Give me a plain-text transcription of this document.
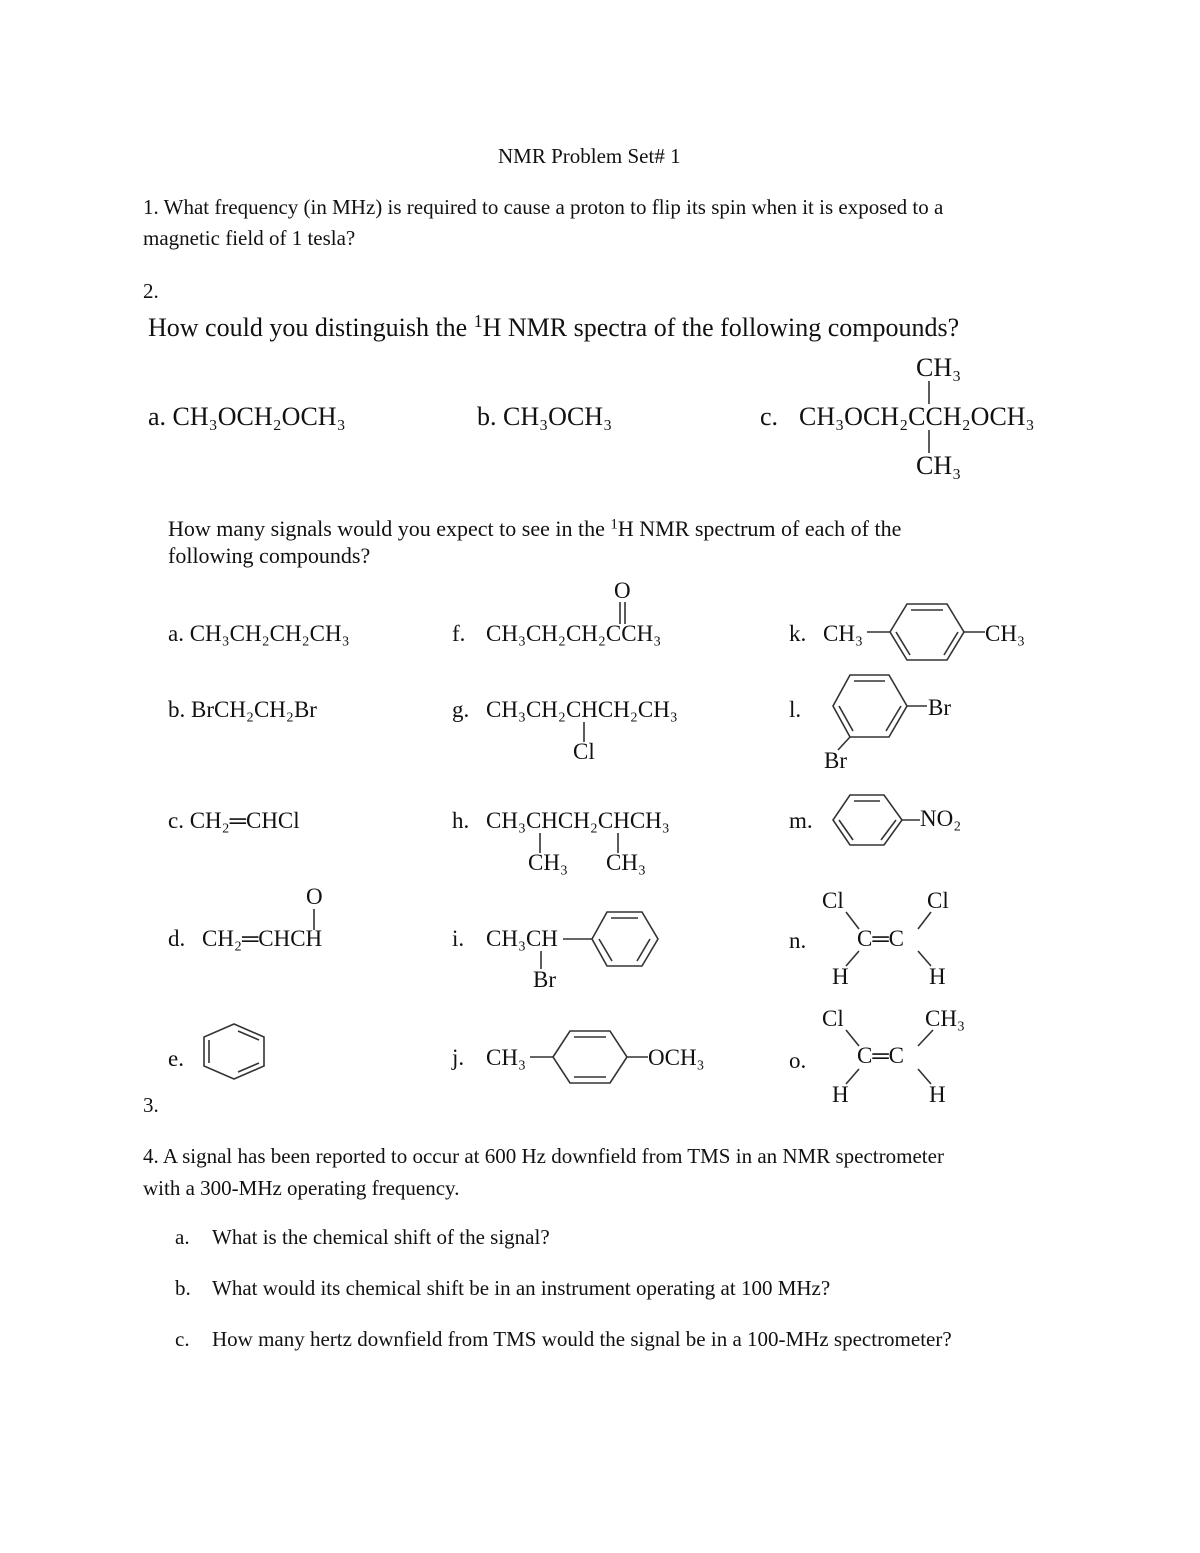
NMR Problem Set# 1
1. What frequency (in MHz) is required to cause a proton to flip its spin when it is exposed to a
magnetic field of 1 tesla?
2.
How could you distinguish the $^1$H NMR spectra of the following compounds?
a. CH₃OCH₂OCH₃	b. CH₃OCH₃	c. CH₃OCH₂CCH₂OCH₃
CH₃
CH₃
How many signals would you expect to see in the $^1$H NMR spectrum of each of the
following compounds?
a. CH₃CH₂CH₂CH₃
b. BrCH₂CH₂Br
c. CH₂═CHCl
d. CH₂═CHCH
O
e.
f. CH₃CH₂CH₂CCH₃
O
g. CH₃CH₂CHCH₂CH₃
Cl
h. CH₃CHCH₂CHCH₃
CH₃ CH₃
i. CH₃CH
Br
j. CH₃	OCH₃
k. CH₃	CH₃
l.	Br
Br
m.	NO₂
n.
Cl	Cl
C═C
H	H
o.
Cl	CH₃
C═C
H	H
3.
4. A signal has been reported to occur at 600 Hz downfield from TMS in an NMR spectrometer
with a 300-MHz operating frequency.
a. What is the chemical shift of the signal?
b. What would its chemical shift be in an instrument operating at 100 MHz?
c. How many hertz downfield from TMS would the signal be in a 100-MHz spectrometer?
